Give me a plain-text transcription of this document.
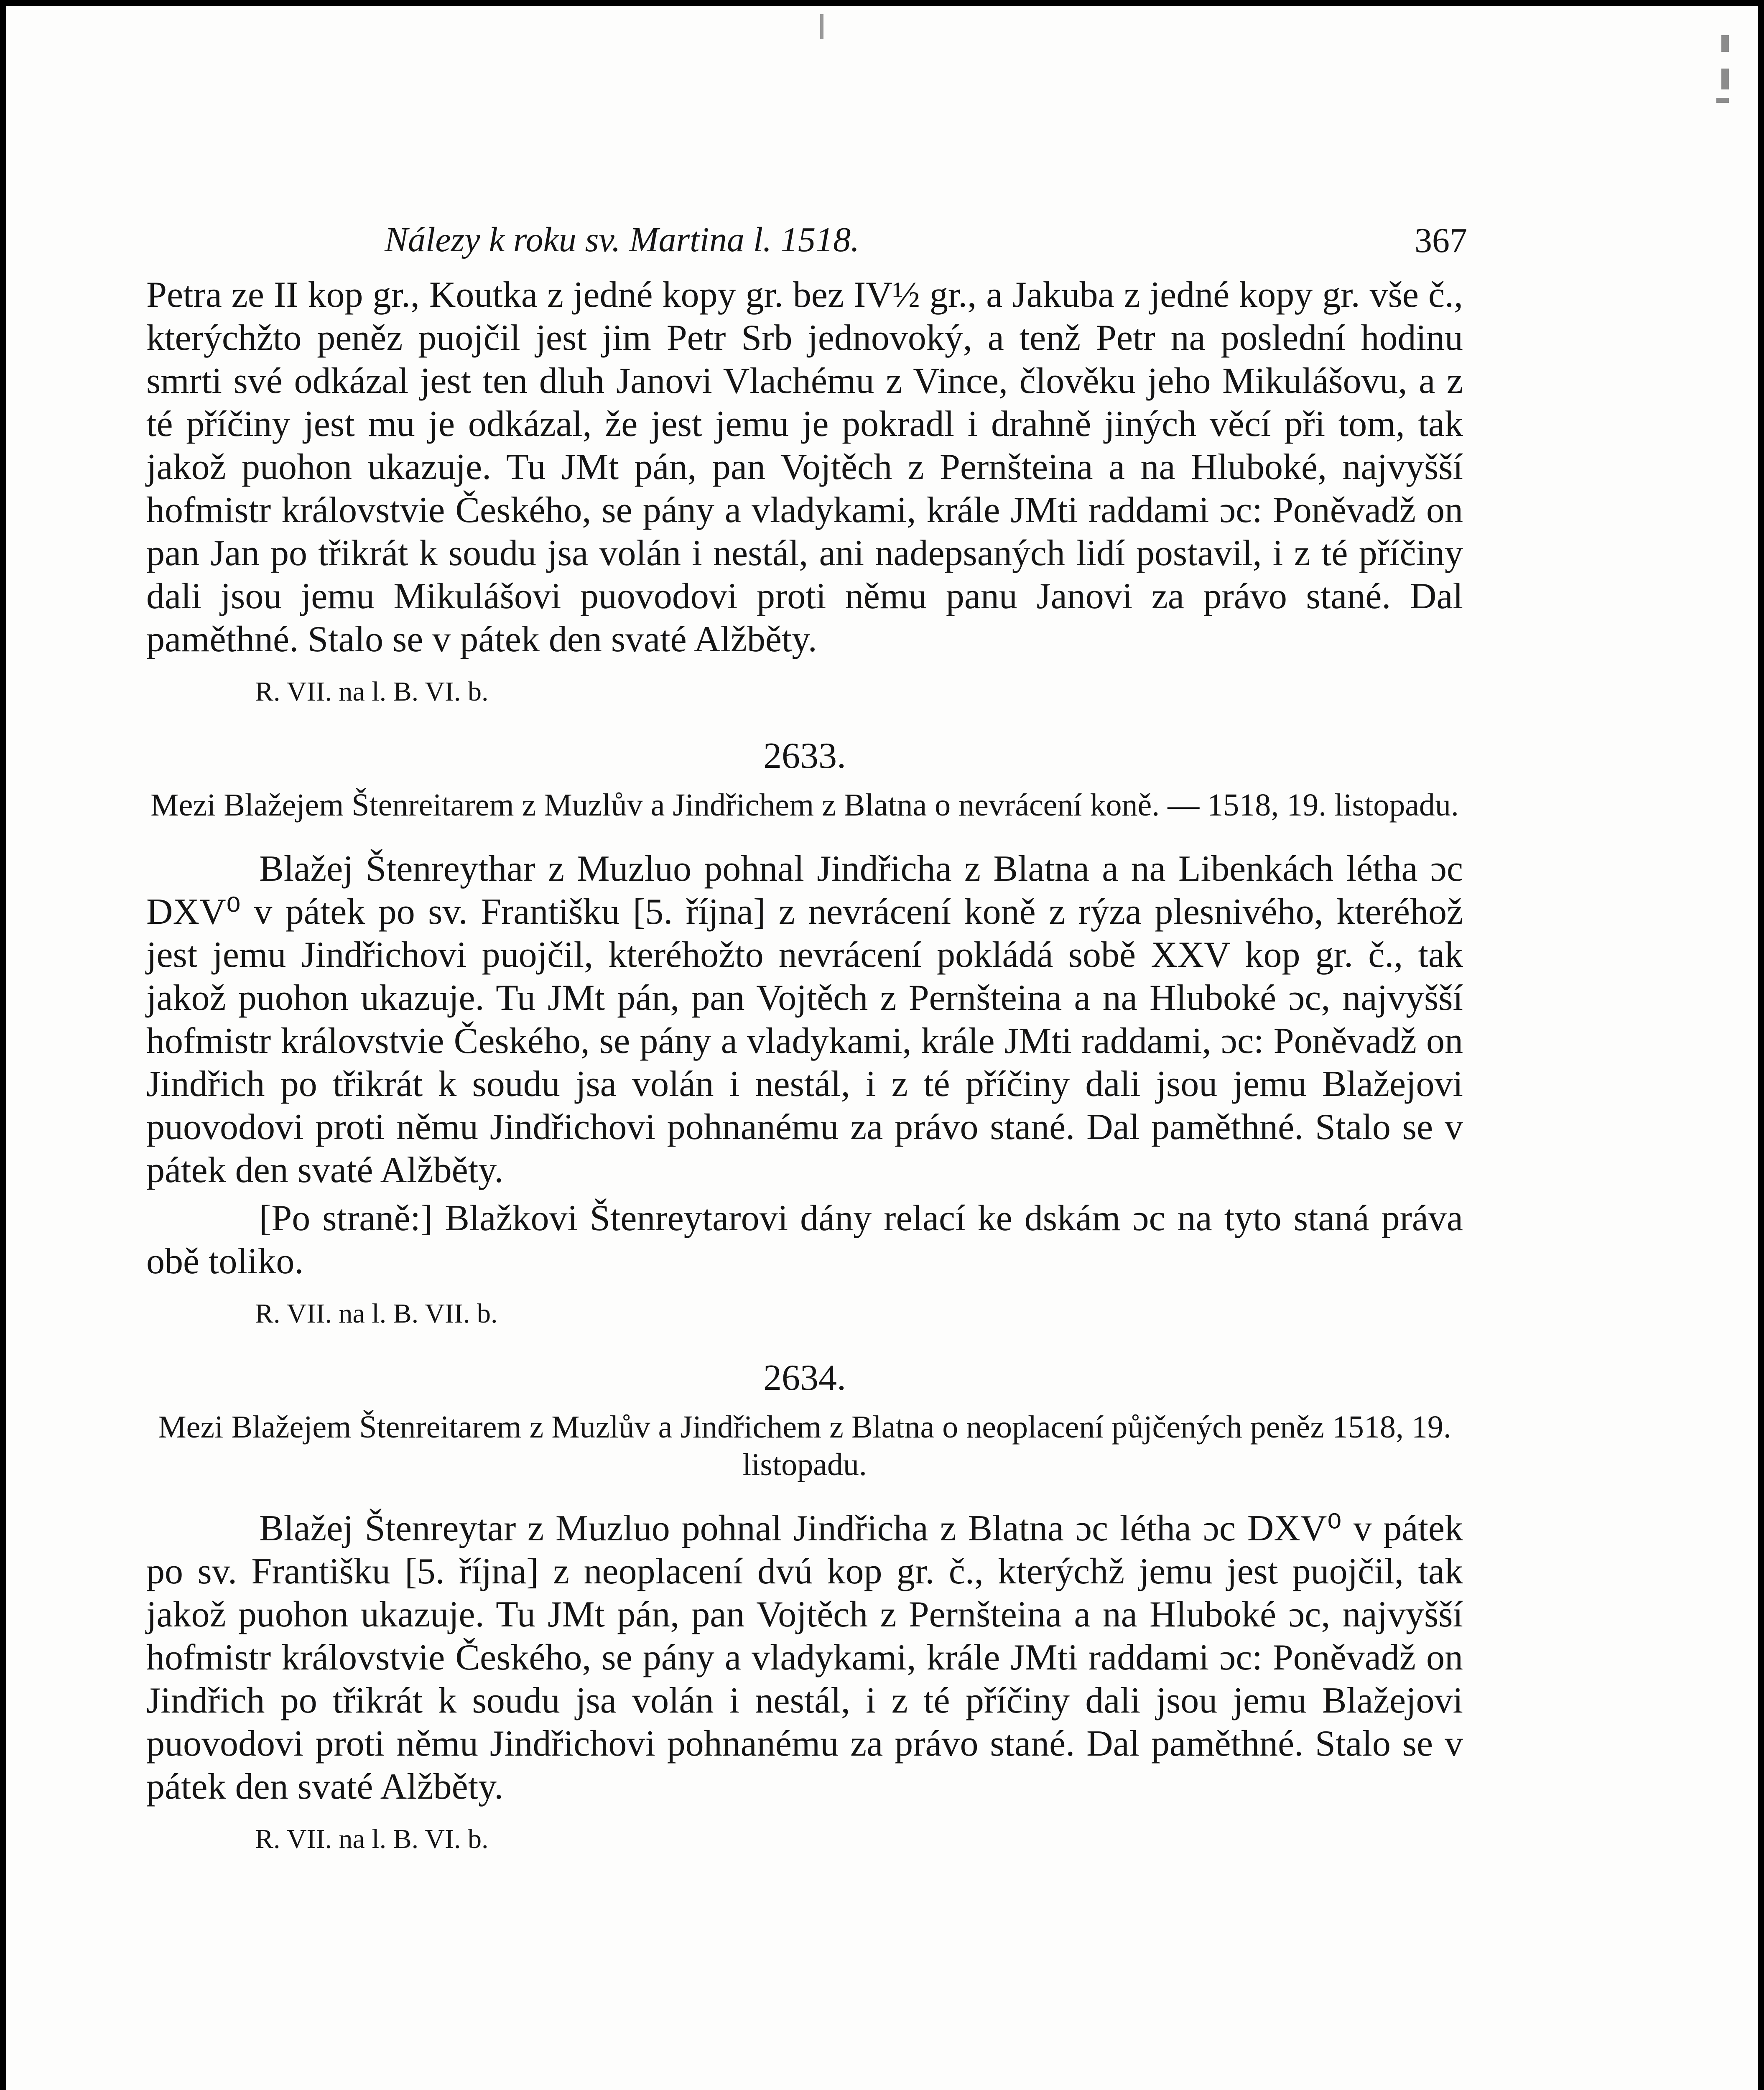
Nálezy k roku sv. Martina l. 1518.	367

Petra ze II kop gr., Koutka z jedné kopy gr. bez IV½ gr., a Jakuba z jedné kopy gr. vše č., kterýchžto peněz puojčil jest jim Petr Srb jednovoký, a tenž Petr na poslední hodinu smrti své odkázal jest ten dluh Janovi Vlachému z Vince, člověku jeho Mikulášovu, a z té příčiny jest mu je odkázal, že jest jemu je pokradl i drahně jiných věcí při tom, tak jakož puohon ukazuje. Tu JMt pán, pan Vojtěch z Pernšteina a na Hluboké, najvyšší hofmistr královstvie Českého, se pány a vladykami, krále JMti raddami ɔc: Poněvadž on pan Jan po třikrát k soudu jsa volán i nestál, ani nadepsaných lidí postavil, i z té příčiny dali jsou jemu Mikulášovi puovodovi proti němu panu Janovi za právo stané. Dal paměthné. Stalo se v pátek den svaté Alžběty.

R. VII. na l. B. VI. b.
2633.
Mezi Blažejem Štenreitarem z Muzlův a Jindřichem z Blatna o nevrácení koně. — 1518, 19. listopadu.

Blažej Štenreythar z Muzluo pohnal Jindřicha z Blatna a na Libenkách létha ɔc DXV⁰ v pátek po sv. Františku [5. října] z nevrácení koně z rýza plesnivého, kteréhož jest jemu Jindřichovi puojčil, kteréhožto nevrácení pokládá sobě XXV kop gr. č., tak jakož puohon ukazuje. Tu JMt pán, pan Vojtěch z Pernšteina a na Hluboké ɔc, najvyšší hofmistr královstvie Českého, se pány a vladykami, krále JMti raddami, ɔc: Poněvadž on Jindřich po třikrát k soudu jsa volán i nestál, i z té příčiny dali jsou jemu Blažejovi puovodovi proti němu Jindřichovi pohnanému za právo stané. Dal paměthné. Stalo se v pátek den svaté Alžběty.

[Po straně:] Blažkovi Štenreytarovi dány relací ke dskám ɔc na tyto staná práva obě toliko.

R. VII. na l. B. VII. b.
2634.
Mezi Blažejem Štenreitarem z Muzlův a Jindřichem z Blatna o neoplacení půjčených peněz 1518, 19. listopadu.

Blažej Štenreytar z Muzluo pohnal Jindřicha z Blatna ɔc létha ɔc DXV⁰ v pátek po sv. Františku [5. října] z neoplacení dvú kop gr. č., kterýchž jemu jest puojčil, tak jakož puohon ukazuje. Tu JMt pán, pan Vojtěch z Pernšteina a na Hluboké ɔc, najvyšší hofmistr královstvie Českého, se pány a vladykami, krále JMti raddami ɔc: Poněvadž on Jindřich po třikrát k soudu jsa volán i nestál, i z té příčiny dali jsou jemu Blažejovi puovodovi proti němu Jindřichovi pohnanému za právo stané. Dal paměthné. Stalo se v pátek den svaté Alžběty.

R. VII. na l. B. VI. b.
